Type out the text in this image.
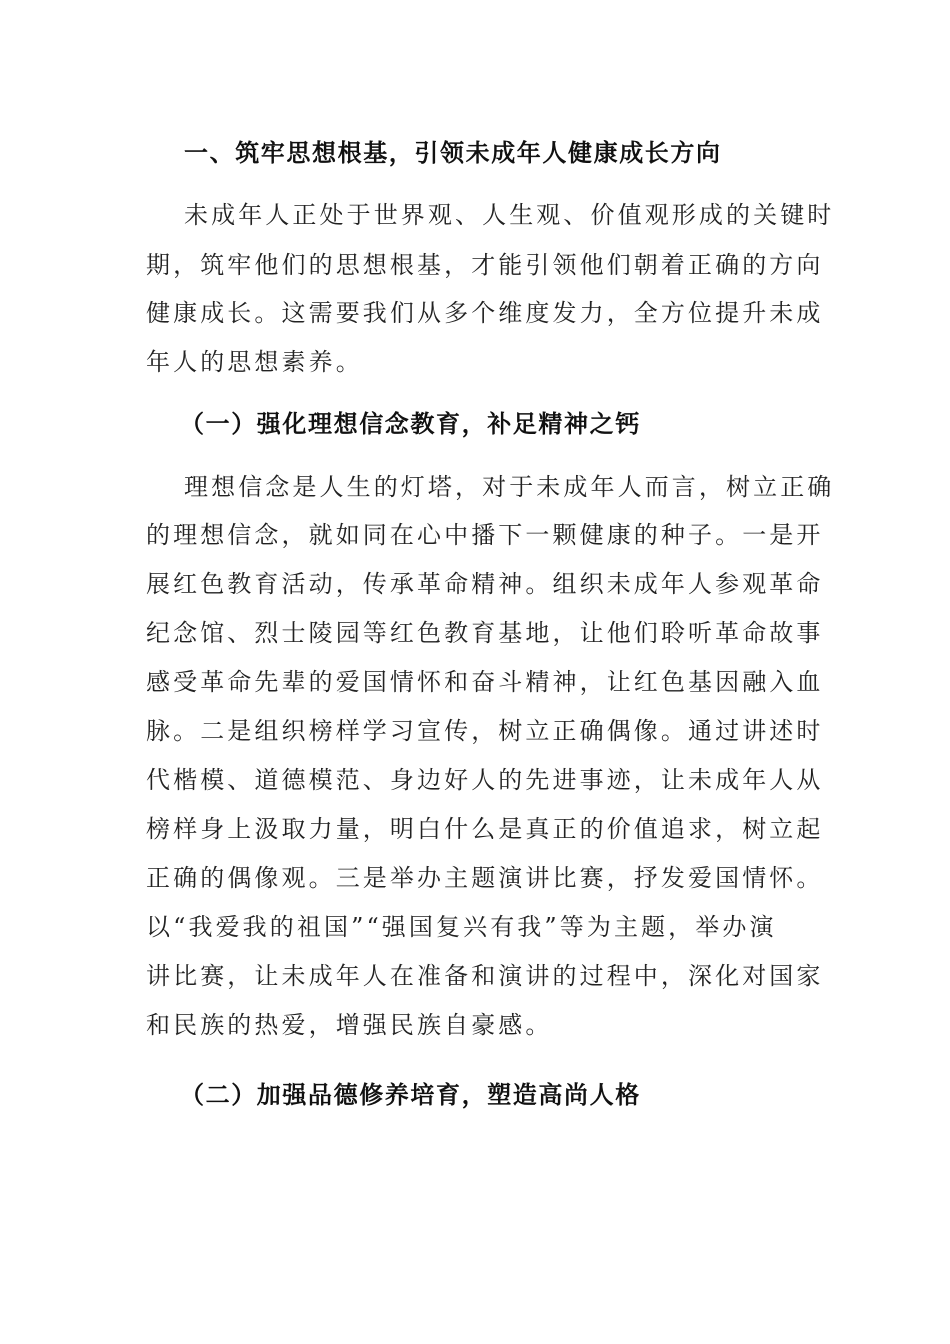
一、筑牢思想根基，引领未成年人健康成长方向
未成年人正处于世界观、人生观、价值观形成的关键时
期，筑牢他们的思想根基，才能引领他们朝着正确的方向
健康成长。这需要我们从多个维度发力，全方位提升未成
年人的思想素养。
（一）强化理想信念教育，补足精神之钙
理想信念是人生的灯塔，对于未成年人而言，树立正确
的理想信念，就如同在心中播下一颗健康的种子。一是开
展红色教育活动，传承革命精神。组织未成年人参观革命
纪念馆、烈士陵园等红色教育基地，让他们聆听革命故事
感受革命先辈的爱国情怀和奋斗精神，让红色基因融入血
脉。二是组织榜样学习宣传，树立正确偶像。通过讲述时
代楷模、道德模范、身边好人的先进事迹，让未成年人从
榜样身上汲取力量，明白什么是真正的价值追求，树立起
正确的偶像观。三是举办主题演讲比赛，抒发爱国情怀。
以“我爱我的祖国”“强国复兴有我”等为主题，举办演
讲比赛，让未成年人在准备和演讲的过程中，深化对国家
和民族的热爱，增强民族自豪感。
（二）加强品德修养培育，塑造高尚人格
